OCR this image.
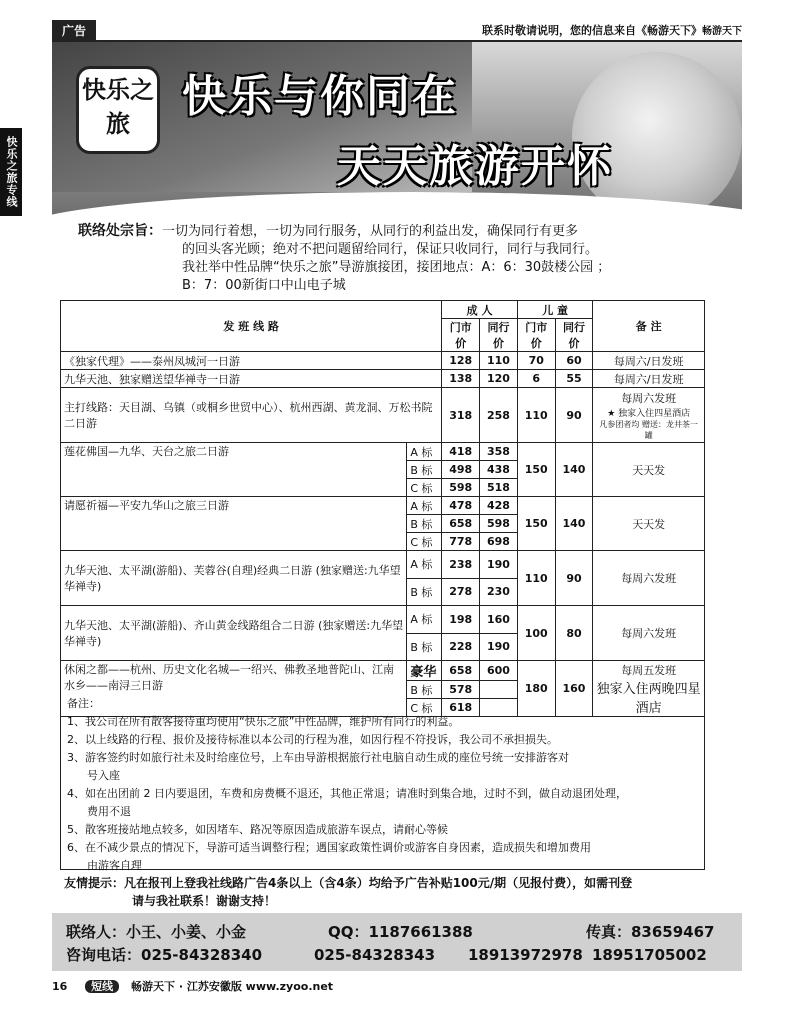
广告	联系时敬请说明，您的信息来自《畅游天下》 畅游天下
快乐之旅专线
快乐之旅
快乐与你同在
天天旅游开怀

联络处宗旨：一切为同行着想，一切为同行服务，从同行的利益出发，确保同行有更多

的回头客光顾；绝对不把问题留给同行，保证只收同行，同行与我同行。

我社举中性品牌“快乐之旅”导游旗接团，接团地点：A：6：30鼓楼公园 ；

B：7：00新街口中山电子城

发 班 线 路		成 人		儿 童		备 注
		门市价	同行价	门市价	同行价	
《独家代理》——泰州凤城河一日游		128	110	70	60	每周六/日发班
九华天池、独家赠送望华禅寺一日游		138	120	6	55	每周六/日发班
主打线路：天目湖、乌镇（或桐乡世贸中心）、杭州西湖、黄龙洞、万松书院二日游		318	258	110	90	每周六发班
★ 独家入住四星酒店
凡参团者均 赠送：龙井茶一罐

莲花佛国—九华、天台之旅二日游	A 标	418	358	150	140	天天发
	B 标	498	438			
	C 标	598	518			
请愿祈福—平安九华山之旅三日游	A 标	478	428	150	140	天天发
	B 标	658	598			
	C 标	778	698			
九华天池、太平湖(游船)、芙蓉谷(自理)经典二日游 (独家赠送:九华望华禅寺)	A 标	238	190	110	90	每周六发班
	B 标	278	230			
九华天池、太平湖(游船)、齐山黄金线路组合二日游 (独家赠送:九华望华禅寺)	A 标	198	160	100	80	每周六发班
	B 标	228	190			
休闲之都——杭州、历史文化名城—一绍兴、佛教圣地普陀山、江南水乡——南浔三日游	豪华	658	600	180	160	每周五发班
独家入住两晚四星酒店

	B 标	578				
	C 标	618				

备注：

1、我公司在所有散客接待重均使用“快乐之旅”中性品牌，维护所有同行的利益。

2、以上线路的行程、报价及接待标准以本公司的行程为准，如因行程不符投诉，我公司不承担损失。

3、游客签约时如旅行社未及时给座位号，上车由导游根据旅行社电脑自动生成的座位号统一安排游客对

号入座

4、如在出团前 2 日内要退团，车费和房费概不退还，其他正常退；请准时到集合地，过时不到，做自动退团处理，

费用不退

5、散客班接站地点较多，如因堵车、路况等原因造成旅游车误点，请耐心等候

6、在不减少景点的情况下，导游可适当调整行程；遇国家政策性调价或游客自身因素，造成损失和增加费用

由游客自理

友情提示：凡在报刊上登我社线路广告4条以上（含4条）均给予广告补贴100元/期（见报付费），如需刊登
请与我社联系！谢谢支持！
联络人：小王、小姜、小金	QQ：1187661388	传真：83659467
咨询电话：025-84328340	025-84328343 18913972978 18951705002
16 短线 畅游天下 · 江苏安徽版 www.zyoo.net
